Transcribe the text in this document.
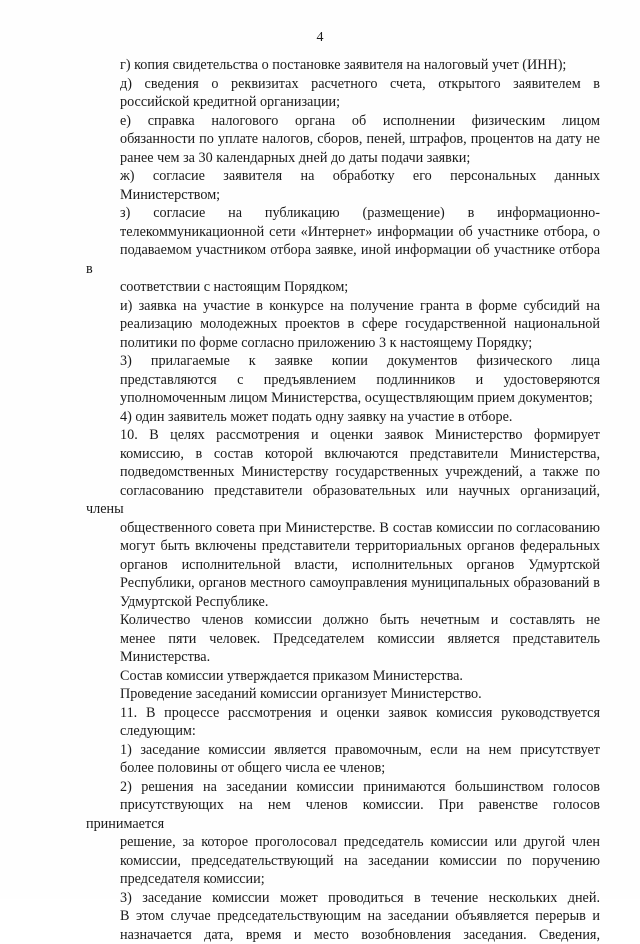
4

г) копия свидетельства о постановке заявителя на налоговый учет (ИНН);

д) сведения о реквизитах расчетного счета, открытого заявителем в
российской кредитной организации;

е) справка налогового органа об исполнении физическим лицом
обязанности по уплате налогов, сборов, пеней, штрафов, процентов на дату не
ранее чем за 30 календарных дней до даты подачи заявки;

ж) согласие заявителя на обработку его персональных данных
Министерством;

з) согласие на публикацию (размещение) в информационно-
телекоммуникационной сети «Интернет» информации об участнике отбора, о
подаваемом участником отбора заявке, иной информации об участнике отбора в
соответствии с настоящим Порядком;

и) заявка на участие в конкурсе на получение гранта в форме субсидий на
реализацию молодежных проектов в сфере государственной национальной
политики по форме согласно приложению 3 к настоящему Порядку;

3) прилагаемые к заявке копии документов физического лица
представляются с предъявлением подлинников и удостоверяются
уполномоченным лицом Министерства, осуществляющим прием документов;

4) один заявитель может подать одну заявку на участие в отборе.

10. В целях рассмотрения и оценки заявок Министерство формирует
комиссию, в состав которой включаются представители Министерства,
подведомственных Министерству государственных учреждений, а также по
согласованию представители образовательных или научных организаций, члены
общественного совета при Министерстве. В состав комиссии по согласованию
могут быть включены представители территориальных органов федеральных
органов исполнительной власти, исполнительных органов Удмуртской
Республики, органов местного самоуправления муниципальных образований в
Удмуртской Республике.

Количество членов комиссии должно быть нечетным и составлять не
менее пяти человек. Председателем комиссии является представитель
Министерства.

Состав комиссии утверждается приказом Министерства.

Проведение заседаний комиссии организует Министерство.

11. В процессе рассмотрения и оценки заявок комиссия руководствуется
следующим:

1) заседание комиссии является правомочным, если на нем присутствует
более половины от общего числа ее членов;

2) решения на заседании комиссии принимаются большинством голосов
присутствующих на нем членов комиссии. При равенстве голосов принимается
решение, за которое проголосовал председатель комиссии или другой член
комиссии, председательствующий на заседании комиссии по поручению
председателя комиссии;

3) заседание комиссии может проводиться в течение нескольких дней.
В этом случае председательствующим на заседании объявляется перерыв и
назначается дата, время и место возобновления заседания. Сведения,
